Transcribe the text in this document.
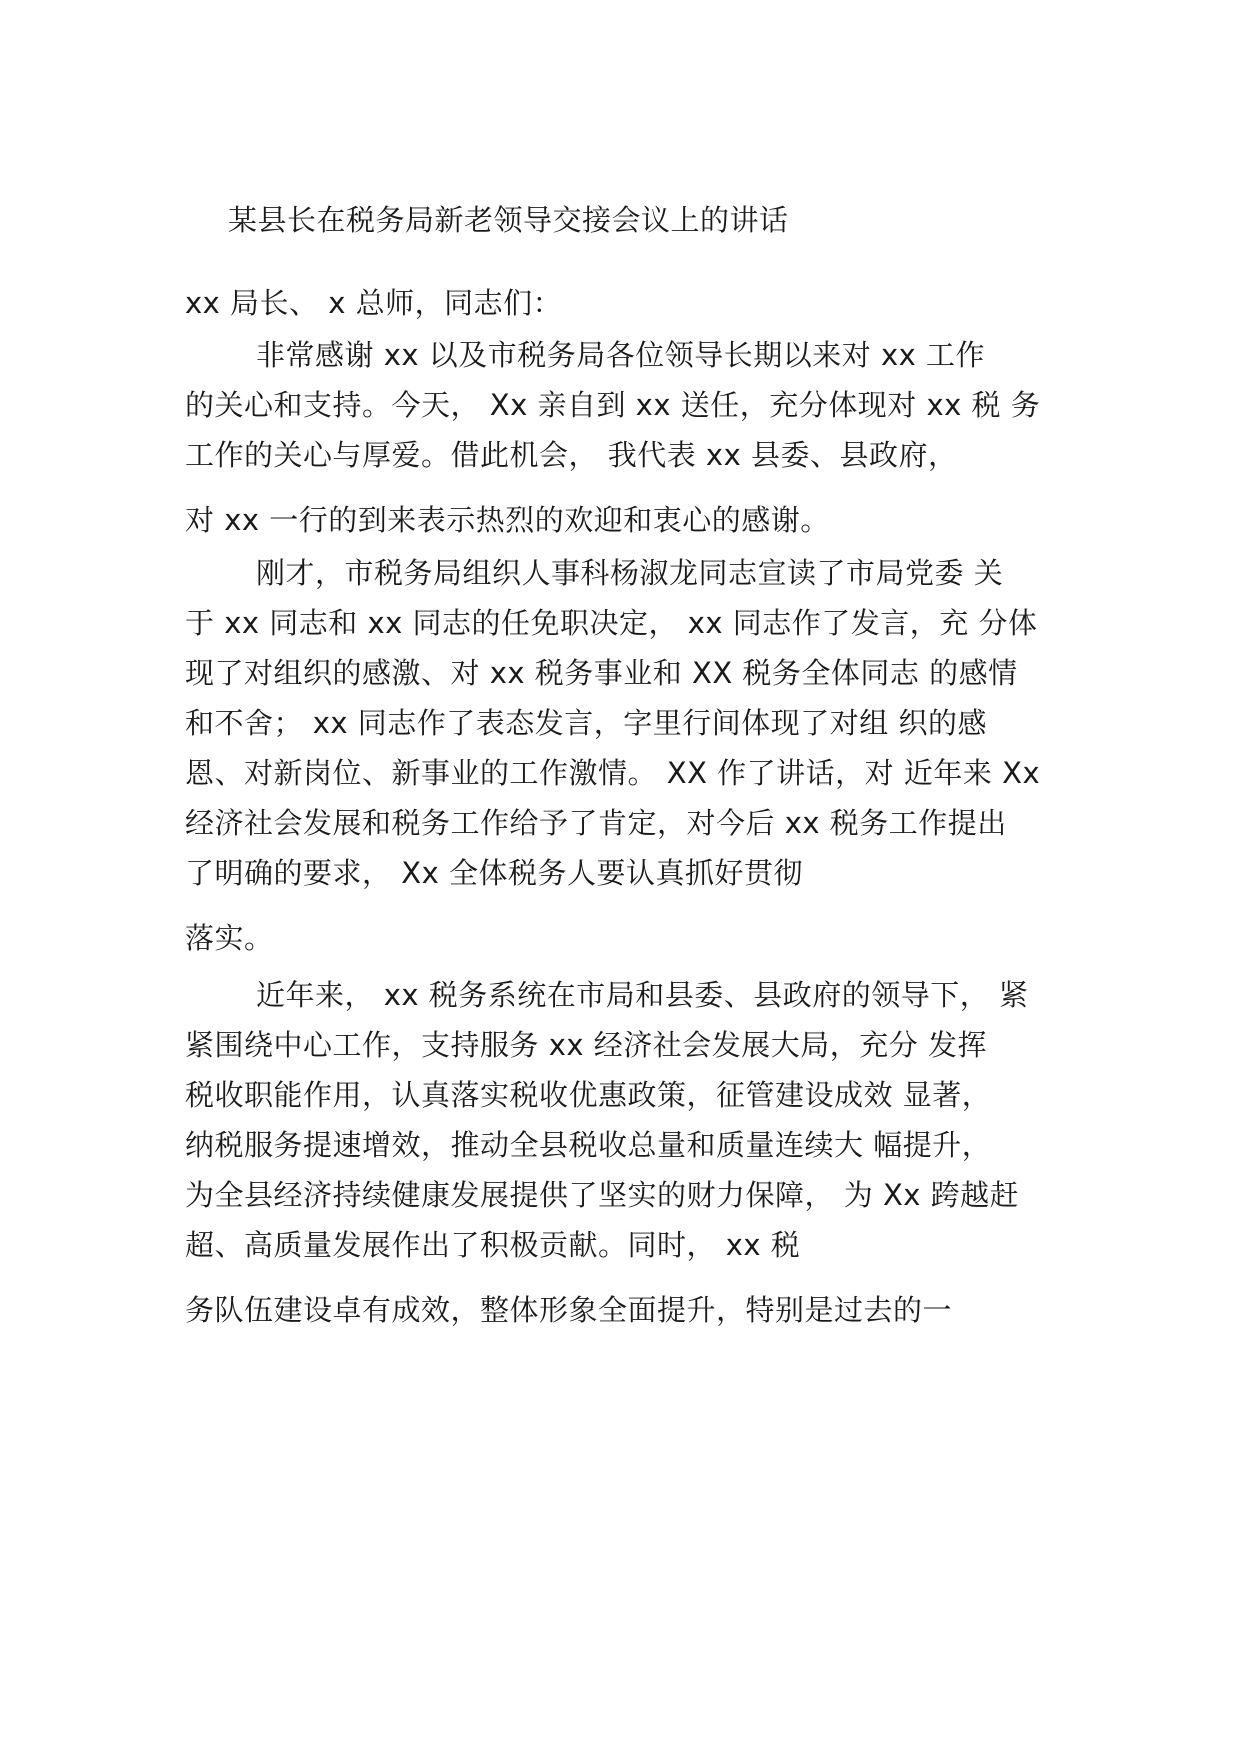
某县长在税务局新老领导交接会议上的讲话
xx 局长、 x 总师，同志们：
非常感谢 xx 以及市税务局各位领导长期以来对 xx 工作
的关心和支持。今天， Xx 亲自到 xx 送任，充分体现对 xx 税 务
工作的关心与厚爱。借此机会， 我代表 xx 县委、县政府，
对 xx 一行的到来表示热烈的欢迎和衷心的感谢。
刚才，市税务局组织人事科杨淑龙同志宣读了市局党委 关
于 xx 同志和 xx 同志的任免职决定， xx 同志作了发言，充 分体
现了对组织的感激、对 xx 税务事业和 XX 税务全体同志 的感情
和不舍； xx 同志作了表态发言，字里行间体现了对组 织的感
恩、对新岗位、新事业的工作激情。 XX 作了讲话，对 近年来 Xx
经济社会发展和税务工作给予了肯定，对今后 xx 税务工作提出
了明确的要求， Xx 全体税务人要认真抓好贯彻
落实。
近年来， xx 税务系统在市局和县委、县政府的领导下， 紧
紧围绕中心工作，支持服务 xx 经济社会发展大局，充分 发挥
税收职能作用，认真落实税收优惠政策，征管建设成效 显著，
纳税服务提速增效，推动全县税收总量和质量连续大 幅提升，
为全县经济持续健康发展提供了坚实的财力保障， 为 Xx 跨越赶
超、高质量发展作出了积极贡献。同时， xx 税
务队伍建设卓有成效，整体形象全面提升，特别是过去的一
